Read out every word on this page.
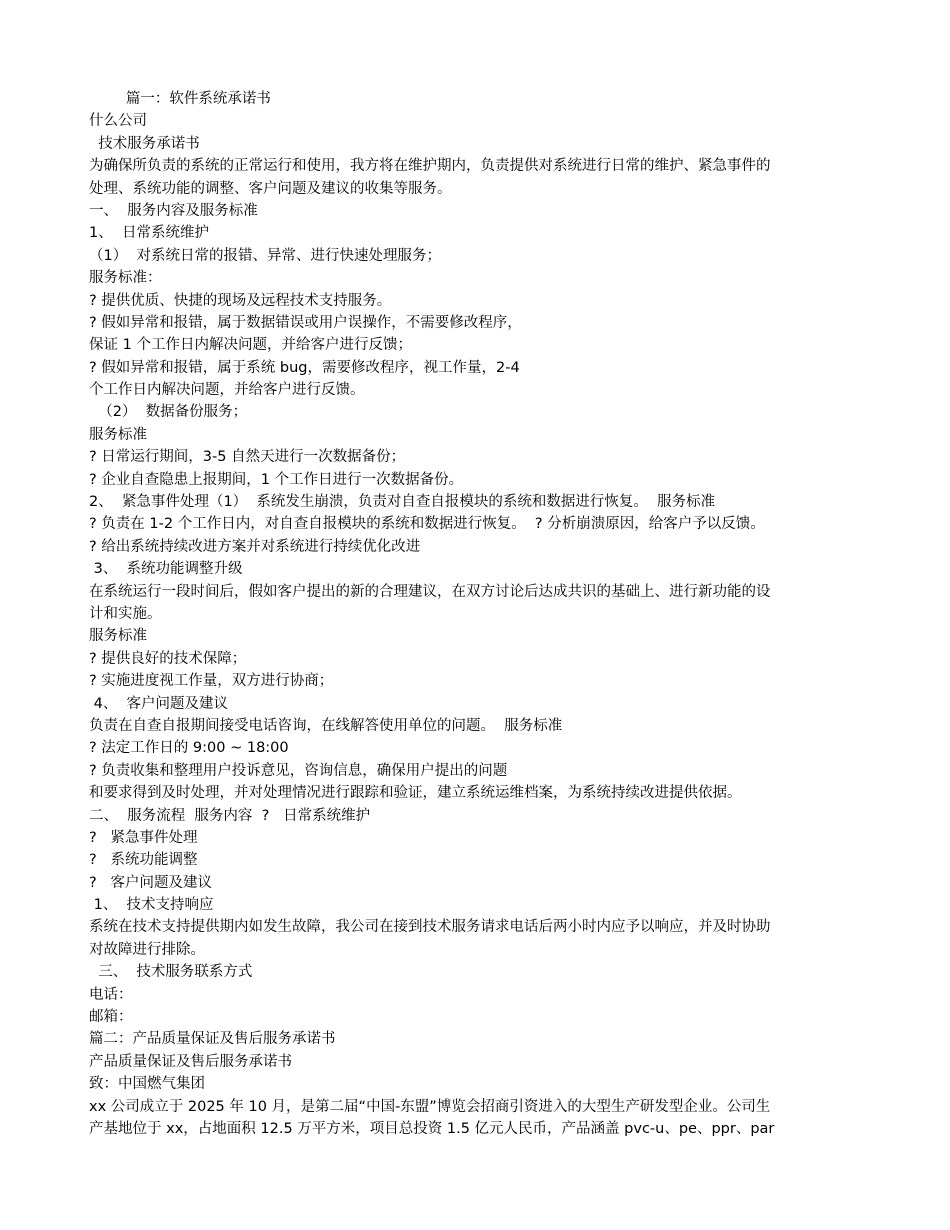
篇一：软件系统承诺书
什么公司
技术服务承诺书
为确保所负责的系统的正常运行和使用，我方将在维护期内，负责提供对系统进行日常的维护、紧急事件的
处理、系统功能的调整、客户问题及建议的收集等服务。
一、  服务内容及服务标准
1、  日常系统维护
（1）  对系统日常的报错、异常、进行快速处理服务；
服务标准：
? 提供优质、快捷的现场及远程技术支持服务。
? 假如异常和报错，属于数据错误或用户误操作，不需要修改程序，
保证 1 个工作日内解决问题，并给客户进行反馈；
? 假如异常和报错，属于系统 bug，需要修改程序，视工作量，2-4
个工作日内解决问题，并给客户进行反馈。
（2）  数据备份服务；
服务标准
? 日常运行期间，3-5 自然天进行一次数据备份；
? 企业自查隐患上报期间，1 个工作日进行一次数据备份。
2、  紧急事件处理（1）  系统发生崩溃，负责对自查自报模块的系统和数据进行恢复。  服务标准
? 负责在 1-2 个工作日内，对自查自报模块的系统和数据进行恢复。  ? 分析崩溃原因，给客户予以反馈。
? 给出系统持续改进方案并对系统进行持续优化改进
3、  系统功能调整升级
在系统运行一段时间后，假如客户提出的新的合理建议，在双方讨论后达成共识的基础上、进行新功能的设
计和实施。
服务标准
? 提供良好的技术保障；
? 实施进度视工作量，双方进行协商；
4、  客户问题及建议
负责在自查自报期间接受电话咨询，在线解答使用单位的问题。  服务标准
? 法定工作日的 9:00 ~ 18:00
? 负责收集和整理用户投诉意见，咨询信息，确保用户提出的问题
和要求得到及时处理，并对处理情况进行跟踪和验证，建立系统运维档案，为系统持续改进提供依据。
二、  服务流程  服务内容  ?   日常系统维护
?   紧急事件处理
?   系统功能调整
?   客户问题及建议
1、  技术支持响应
系统在技术支持提供期内如发生故障，我公司在接到技术服务请求电话后两小时内应予以响应，并及时协助
对故障进行排除。
三、  技术服务联系方式
电话：
邮箱：
篇二：产品质量保证及售后服务承诺书
产品质量保证及售后服务承诺书
致：中国燃气集团
xx 公司成立于 2025 年 10 月，是第二届“中国-东盟”博览会招商引资进入的大型生产研发型企业。公司生
产基地位于 xx，占地面积 12.5 万平方米，项目总投资 1.5 亿元人民币，产品涵盖 pvc-u、pe、ppr、par
